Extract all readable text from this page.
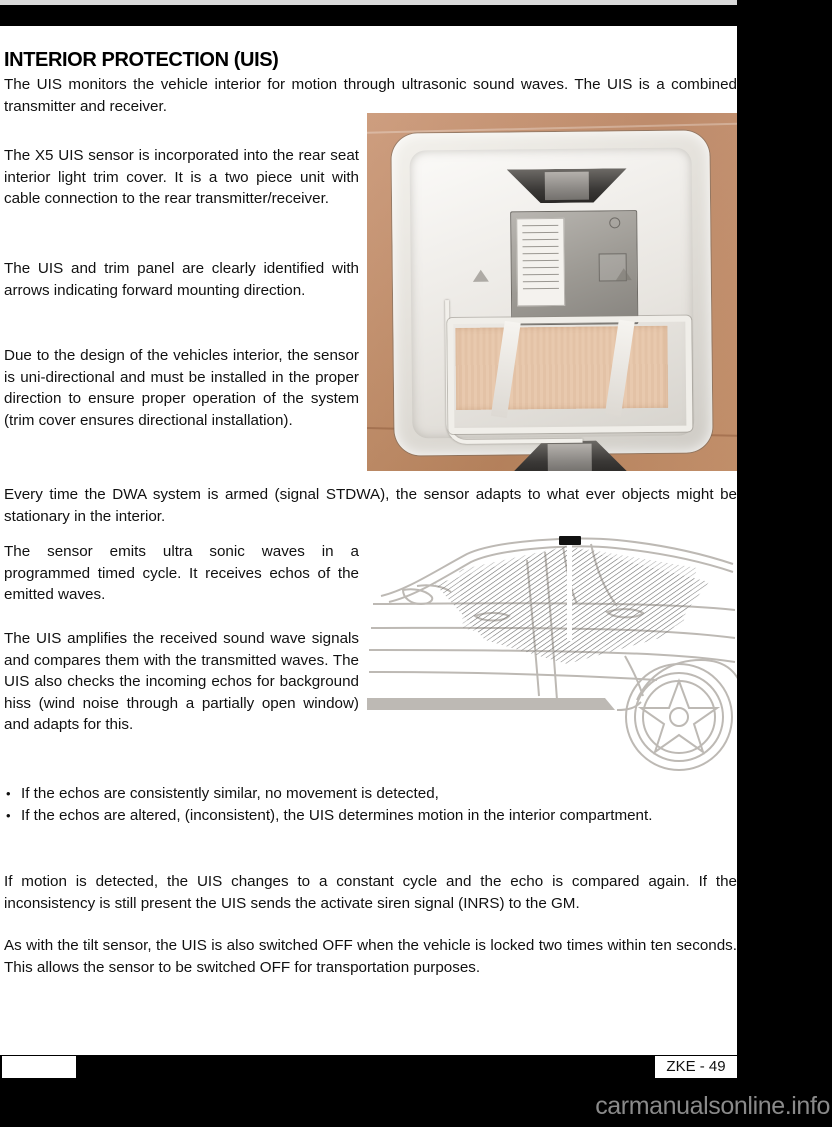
INTERIOR PROTECTION (UIS)

The UIS monitors the vehicle interior for motion through ultrasonic sound waves. The UIS is a combined transmitter and receiver.

The X5 UIS sensor is incorporated into the rear seat interior light trim cover. It is a two piece unit with cable connection to the rear transmitter/receiver.

The UIS and trim panel are clearly identified with arrows indicating forward mounting direction.

Due to the design of the vehicles interior, the sensor is uni-directional and must be installed in the proper direction to ensure proper operation of the system (trim cover ensures directional installation).

Every time the DWA system is armed (signal STDWA), the sensor adapts to what ever objects might be stationary in the interior.

The sensor emits ultra sonic waves in a programmed timed cycle. It receives echos of the emitted waves.

The UIS amplifies the received sound wave signals and compares them with the transmitted waves. The UIS also checks the incoming echos for background hiss (wind noise through a partially open window) and adapts for this.

• If the echos are consistently similar, no movement is detected,
• If the echos are altered, (inconsistent), the UIS determines motion in the interior compartment.

If motion is detected, the UIS changes to a constant cycle and the echo is compared again. If the inconsistency is still present the UIS sends the activate siren signal (INRS) to the GM.

As with the tilt sensor, the UIS is also switched OFF when the vehicle is locked two times within ten seconds. This allows the sensor to be switched OFF for transportation purposes.

ZKE - 49
carmanualsonline.info
